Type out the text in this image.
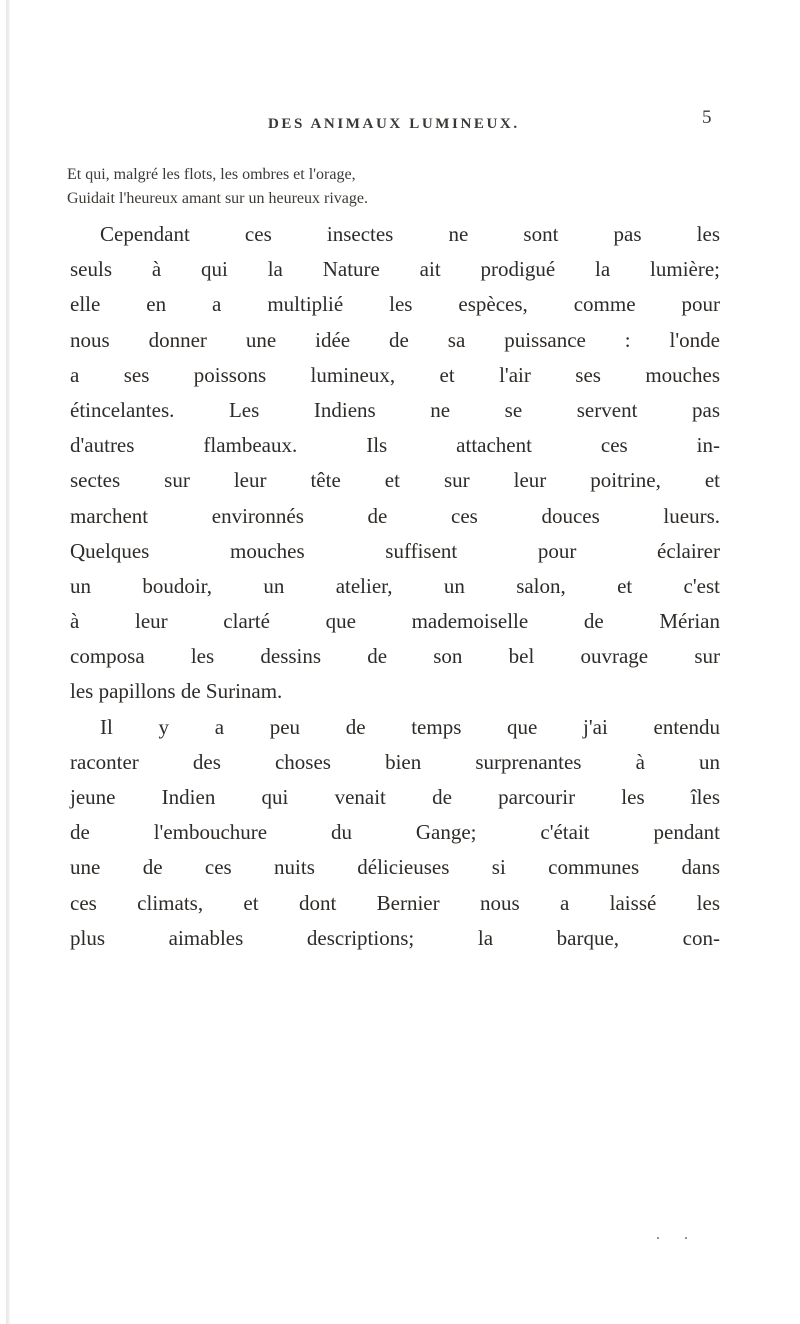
DES ANIMAUX LUMINEUX.	5
Et qui, malgré les flots, les ombres et l'orage,
Guidait l'heureux amant sur un heureux rivage.
Cependant ces insectes ne sont pas les
seuls à qui la Nature ait prodigué la lumière;
elle en a multiplié les espèces, comme pour
nous donner une idée de sa puissance : l'onde
a ses poissons lumineux, et l'air ses mouches
étincelantes. Les Indiens ne se servent pas
d'autres flambeaux. Ils attachent ces in-
sectes sur leur tête et sur leur poitrine, et
marchent environnés de ces douces lueurs.
Quelques mouches suffisent pour éclairer
un boudoir, un atelier, un salon, et c'est
à leur clarté que mademoiselle de Mérian
composa les dessins de son bel ouvrage sur
les papillons de Surinam.
Il y a peu de temps que j'ai entendu
raconter des choses bien surprenantes à un
jeune Indien qui venait de parcourir les îles
de l'embouchure du Gange; c'était pendant
une de ces nuits délicieuses si communes dans
ces climats, et dont Bernier nous a laissé les
plus aimables descriptions; la barque, con-
. .
